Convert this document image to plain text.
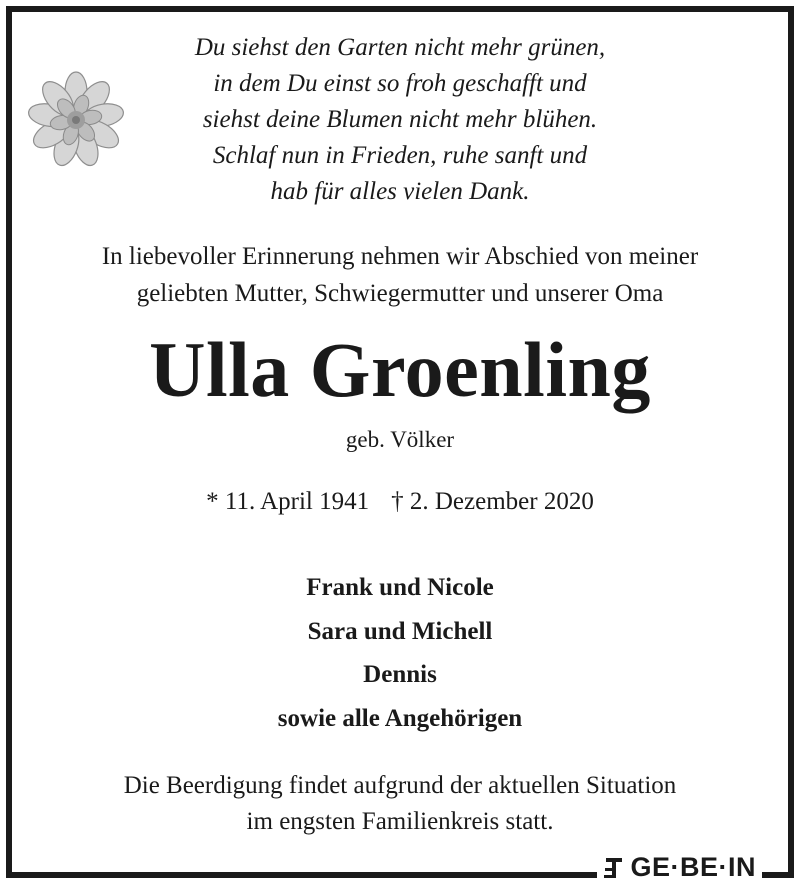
Du siehst den Garten nicht mehr grünen,
in dem Du einst so froh geschafft und
siehst deine Blumen nicht mehr blühen.
Schlaf nun in Frieden, ruhe sanft und
hab für alles vielen Dank.
In liebevoller Erinnerung nehmen wir Abschied von meiner
geliebten Mutter, Schwiegermutter und unserer Oma
Ulla Groenling
geb. Völker
* 11. April 1941 † 2. Dezember 2020
Frank und Nicole
Sara und Michell
Dennis
sowie alle Angehörigen
Die Beerdigung findet aufgrund der aktuellen Situation
im engsten Familienkreis statt.
GE·BE·IN
